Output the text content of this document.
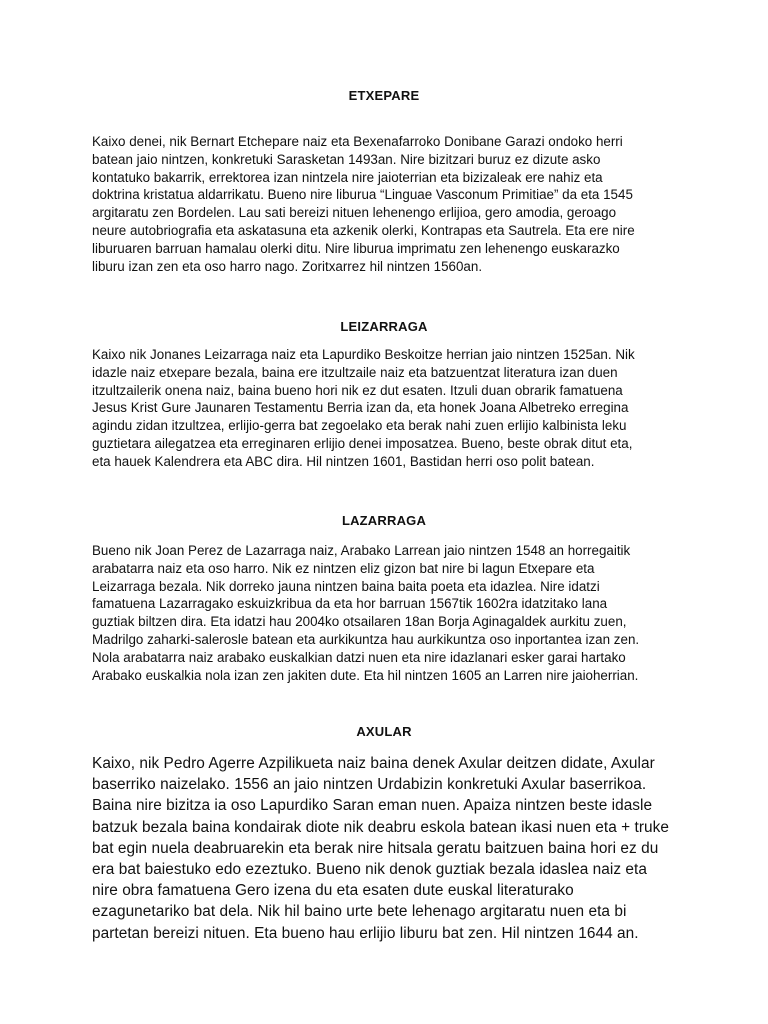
ETXEPARE

Kaixo denei, nik Bernart Etchepare naiz eta Bexenafarroko Donibane Garazi ondoko herri
batean jaio nintzen, konkretuki Sarasketan 1493an. Nire bizitzari buruz ez dizute asko
kontatuko bakarrik, errektorea izan nintzela nire jaioterrian eta bizizaleak ere nahiz eta
doktrina kristatua aldarrikatu. Bueno nire liburua “Linguae Vasconum Primitiae” da eta 1545
argitaratu zen Bordelen. Lau sati bereizi nituen lehenengo erlijioa, gero amodia, geroago
neure autobriografia eta askatasuna eta azkenik olerki, Kontrapas eta Sautrela. Eta ere nire
liburuaren barruan hamalau olerki ditu. Nire liburua imprimatu zen lehenengo euskarazko
liburu izan zen eta oso harro nago. Zoritxarrez hil nintzen 1560an.

LEIZARRAGA

Kaixo nik Jonanes Leizarraga naiz eta Lapurdiko Beskoitze herrian jaio nintzen 1525an. Nik
idazle naiz etxepare bezala, baina ere itzultzaile naiz eta batzuentzat literatura izan duen
itzultzailerik onena naiz, baina bueno hori nik ez dut esaten. Itzuli duan obrarik famatuena
Jesus Krist Gure Jaunaren Testamentu Berria izan da, eta honek Joana Albetreko erregina
agindu zidan itzultzea, erlijio-gerra bat zegoelako eta berak nahi zuen erlijio kalbinista leku
guztietara ailegatzea eta erreginaren erlijio denei imposatzea. Bueno, beste obrak ditut eta,
eta hauek Kalendrera eta ABC dira. Hil nintzen 1601, Bastidan herri oso polit batean.

LAZARRAGA

Bueno nik Joan Perez de Lazarraga naiz, Arabako Larrean jaio nintzen 1548 an horregaitik
arabatarra naiz eta oso harro. Nik ez nintzen eliz gizon bat nire bi lagun Etxepare eta
Leizarraga bezala. Nik dorreko jauna nintzen baina baita poeta eta idazlea. Nire idatzi
famatuena Lazarragako eskuizkribua da eta hor barruan 1567tik 1602ra idatzitako lana
guztiak biltzen dira. Eta idatzi hau 2004ko otsailaren 18an Borja Aginagaldek aurkitu zuen,
Madrilgo zaharki-salerosle batean eta aurkikuntza hau aurkikuntza oso inportantea izan zen.
Nola arabatarra naiz arabako euskalkian datzi nuen eta nire idazlanari esker garai hartako
Arabako euskalkia nola izan zen jakiten dute. Eta hil nintzen 1605 an Larren nire jaioherrian.

AXULAR

Kaixo, nik Pedro Agerre Azpilikueta naiz baina denek Axular deitzen didate, Axular
baserriko naizelako. 1556 an jaio nintzen Urdabizin konkretuki Axular baserrikoa.
Baina nire bizitza ia oso Lapurdiko Saran eman nuen. Apaiza nintzen beste idasle
batzuk bezala baina kondairak diote nik deabru eskola batean ikasi nuen eta + truke
bat egin nuela deabruarekin eta berak nire hitsala geratu baitzuen baina hori ez du
era bat baiestuko edo ezeztuko. Bueno nik denok guztiak bezala idaslea naiz eta
nire obra famatuena Gero izena du eta esaten dute euskal literaturako
ezagunetariko bat dela. Nik hil baino urte bete lehenago argitaratu nuen eta bi
partetan bereizi nituen. Eta bueno hau erlijio liburu bat zen. Hil nintzen 1644 an.
